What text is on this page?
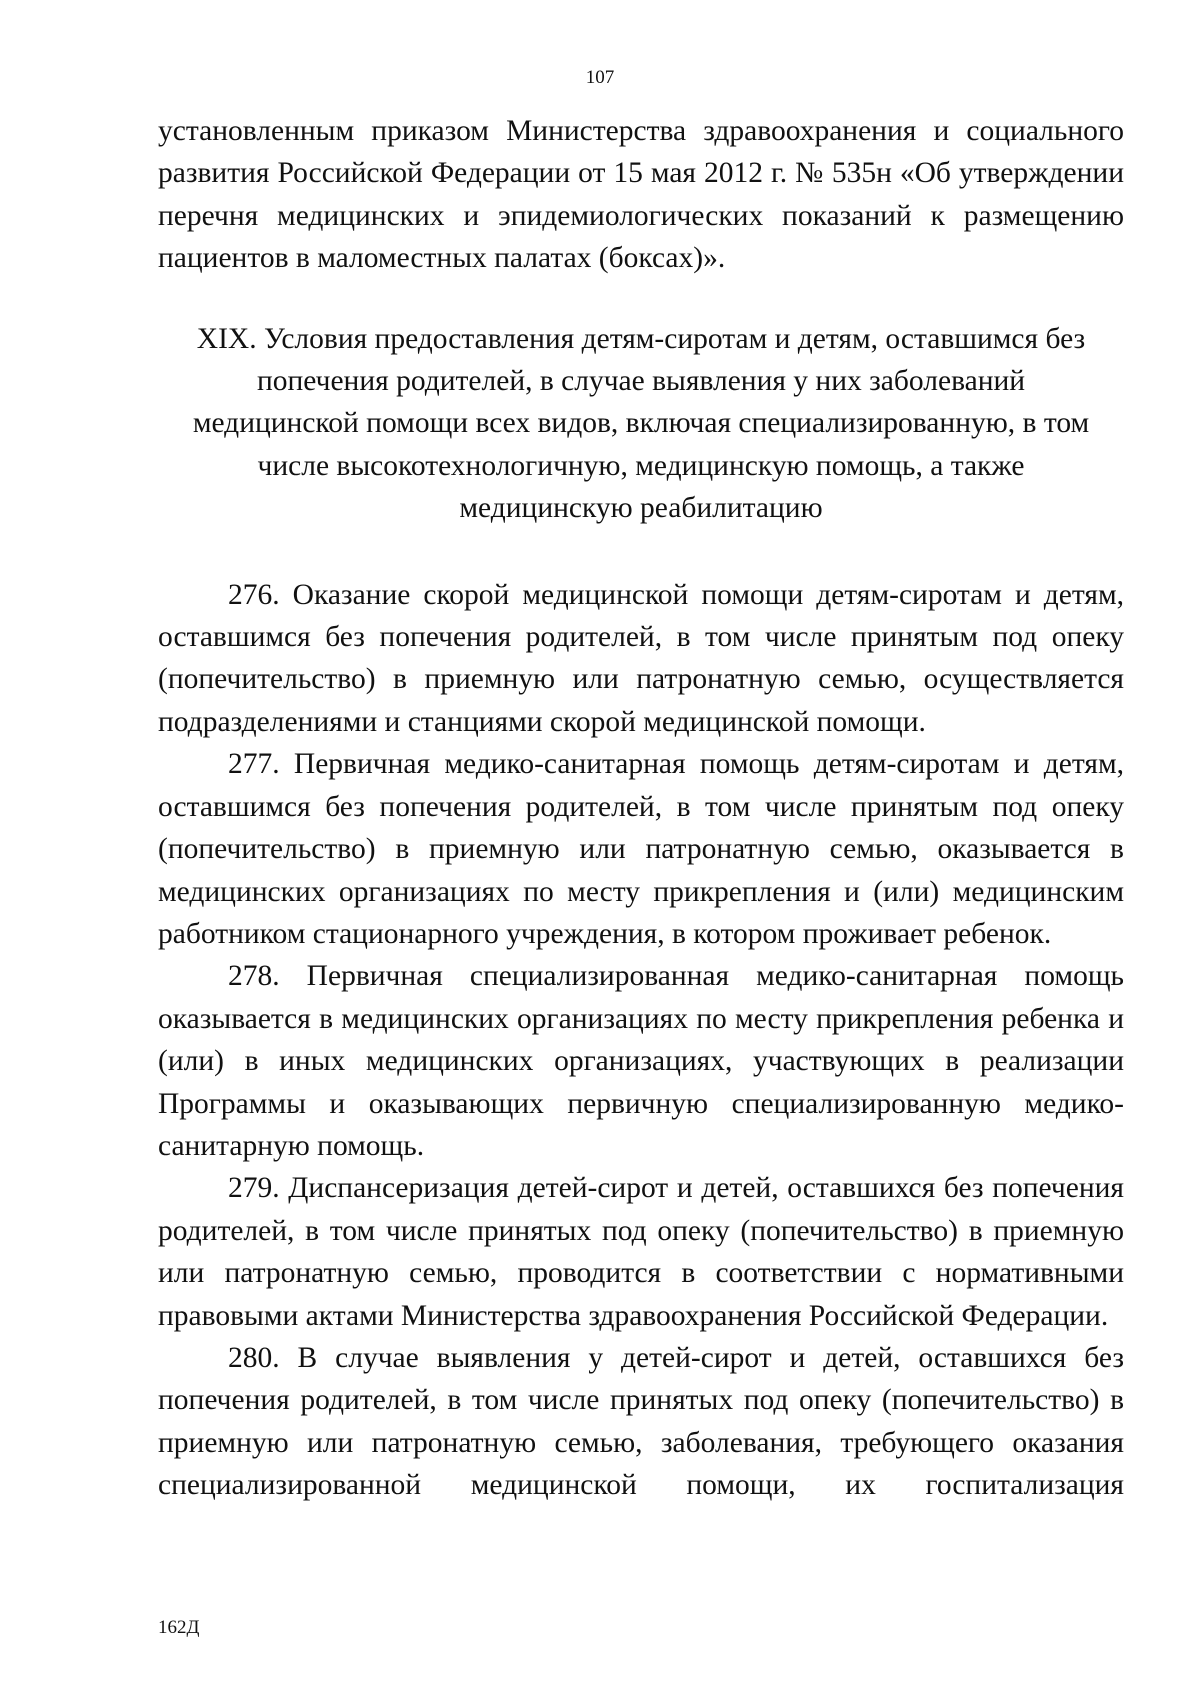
107

установленным приказом Министерства здравоохранения и социального развития Российской Федерации от 15 мая 2012 г. № 535н «Об утверждении перечня медицинских и эпидемиологических показаний к размещению пациентов в маломестных палатах (боксах)».

XIX. Условия предоставления детям-сиротам и детям, оставшимся без
попечения родителей, в случае выявления у них заболеваний
медицинской помощи всех видов, включая специализированную, в том
числе высокотехнологичную, медицинскую помощь, а также
медицинскую реабилитацию

276. Оказание скорой медицинской помощи детям-сиротам и детям, оставшимся без попечения родителей, в том числе принятым под опеку (попечительство) в приемную или патронатную семью, осуществляется подразделениями и станциями скорой медицинской помощи.

277. Первичная медико-санитарная помощь детям-сиротам и детям, оставшимся без попечения родителей, в том числе принятым под опеку (попечительство) в приемную или патронатную семью, оказывается в медицинских организациях по месту прикрепления и (или) медицинским работником стационарного учреждения, в котором проживает ребенок.

278. Первичная специализированная медико-санитарная помощь оказывается в медицинских организациях по месту прикрепления ребенка и (или) в иных медицинских организациях, участвующих в реализации Программы и оказывающих первичную специализированную медико-санитарную помощь.

279. Диспансеризация детей-сирот и детей, оставшихся без попечения родителей, в том числе принятых под опеку (попечительство) в приемную или патронатную семью, проводится в соответствии с нормативными правовыми актами Министерства здравоохранения Российской Федерации.

280. В случае выявления у детей-сирот и детей, оставшихся без попечения родителей, в том числе принятых под опеку (попечительство) в приемную или патронатную семью, заболевания, требующего оказания специализированной медицинской помощи, их госпитализация

162Д
